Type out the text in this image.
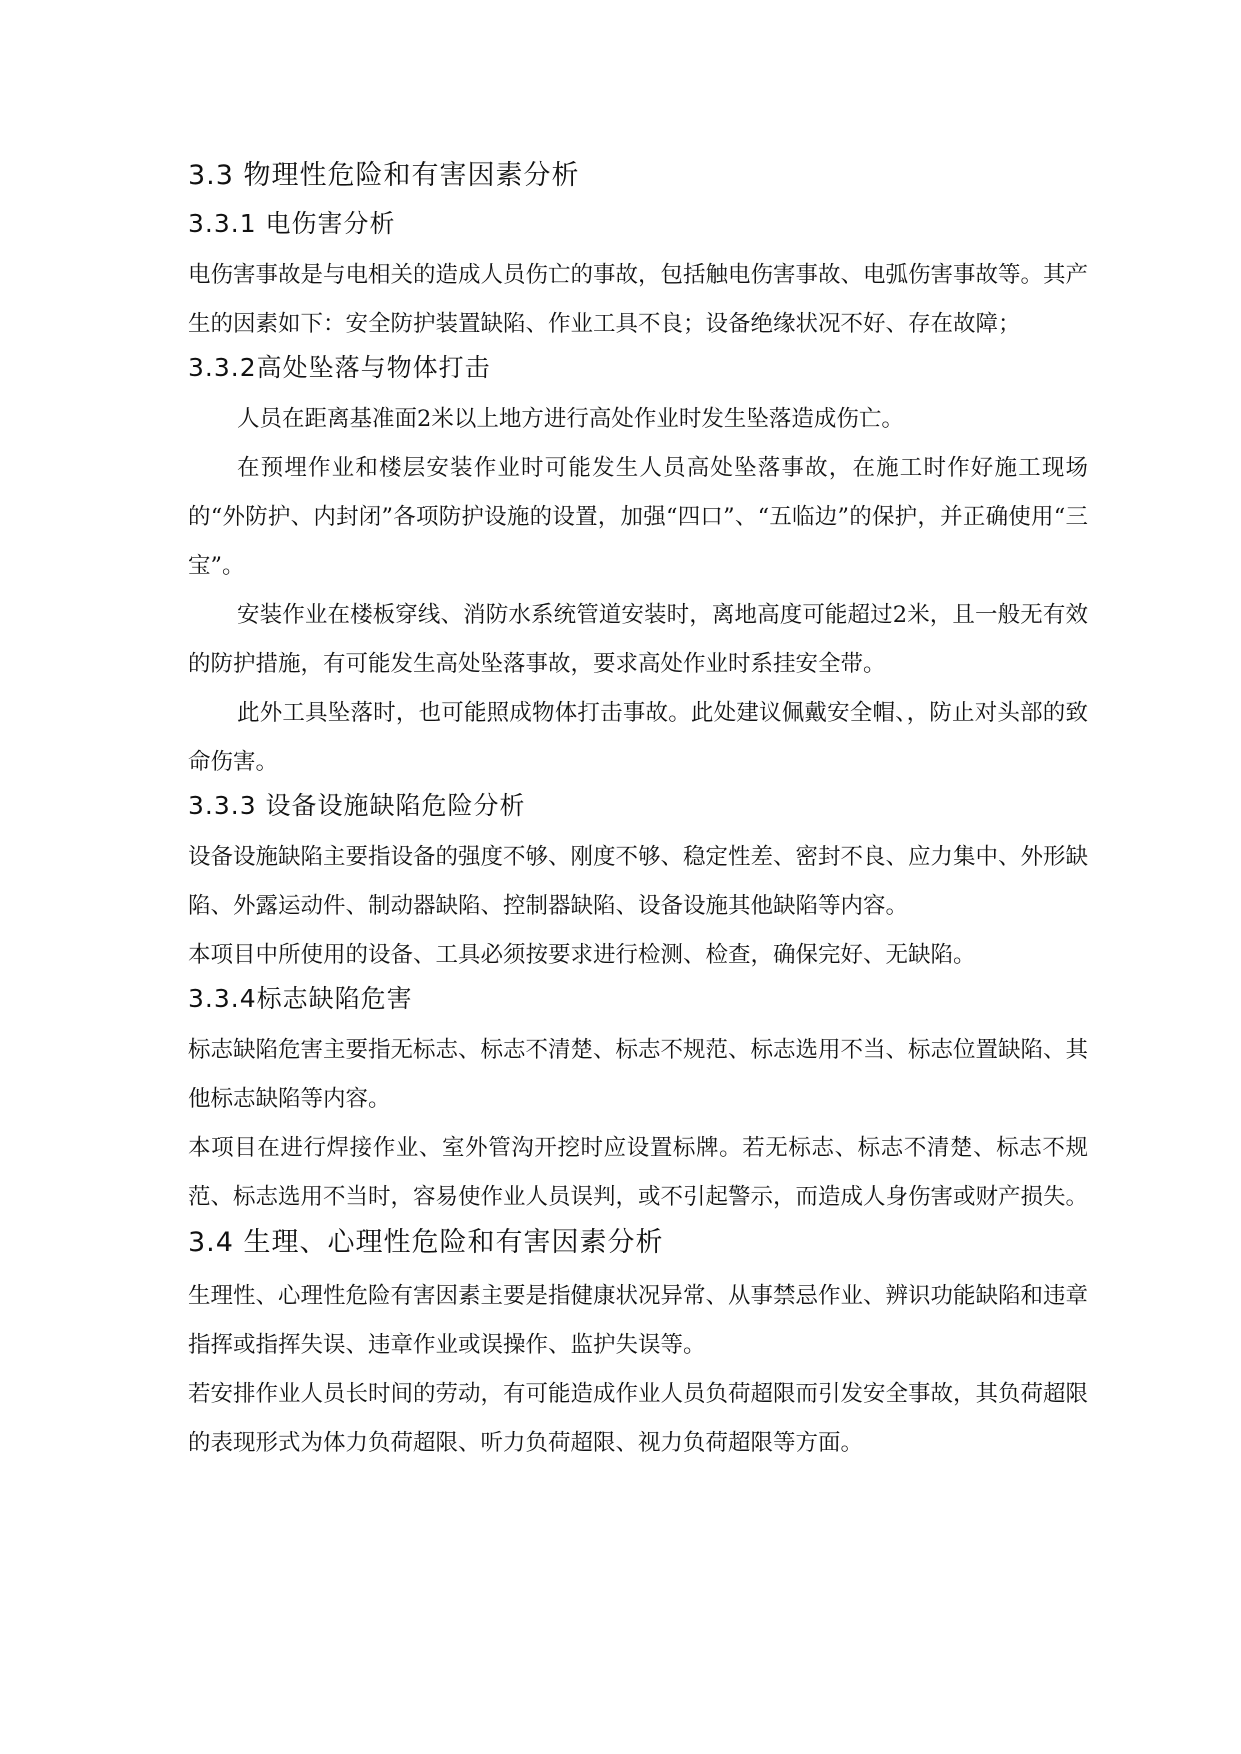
3.3 物理性危险和有害因素分析
3.3.1 电伤害分析

电伤害事故是与电相关的造成人员伤亡的事故，包括触电伤害事故、电弧伤害事故等。其产生的因素如下：安全防护装置缺陷、作业工具不良；设备绝缘状况不好、存在故障；

3.3.2高处坠落与物体打击

人员在距离基准面2米以上地方进行高处作业时发生坠落造成伤亡。

在预埋作业和楼层安装作业时可能发生人员高处坠落事故，在施工时作好施工现场的“外防护、内封闭”各项防护设施的设置，加强“四口”、“五临边”的保护，并正确使用“三宝”。

安装作业在楼板穿线、消防水系统管道安装时，离地高度可能超过2米，且一般无有效的防护措施，有可能发生高处坠落事故，要求高处作业时系挂安全带。

此外工具坠落时，也可能照成物体打击事故。此处建议佩戴安全帽、，防止对头部的致命伤害。

3.3.3 设备设施缺陷危险分析

设备设施缺陷主要指设备的强度不够、刚度不够、稳定性差、密封不良、应力集中、外形缺陷、外露运动件、制动器缺陷、控制器缺陷、设备设施其他缺陷等内容。

本项目中所使用的设备、工具必须按要求进行检测、检查，确保完好、无缺陷。

3.3.4标志缺陷危害

标志缺陷危害主要指无标志、标志不清楚、标志不规范、标志选用不当、标志位置缺陷、其他标志缺陷等内容。

本项目在进行焊接作业、室外管沟开挖时应设置标牌。若无标志、标志不清楚、标志不规范、标志选用不当时，容易使作业人员误判，或不引起警示，而造成人身伤害或财产损失。

3.4 生理、心理性危险和有害因素分析

生理性、心理性危险有害因素主要是指健康状况异常、从事禁忌作业、辨识功能缺陷和违章指挥或指挥失误、违章作业或误操作、监护失误等。

若安排作业人员长时间的劳动，有可能造成作业人员负荷超限而引发安全事故，其负荷超限的表现形式为体力负荷超限、听力负荷超限、视力负荷超限等方面。
